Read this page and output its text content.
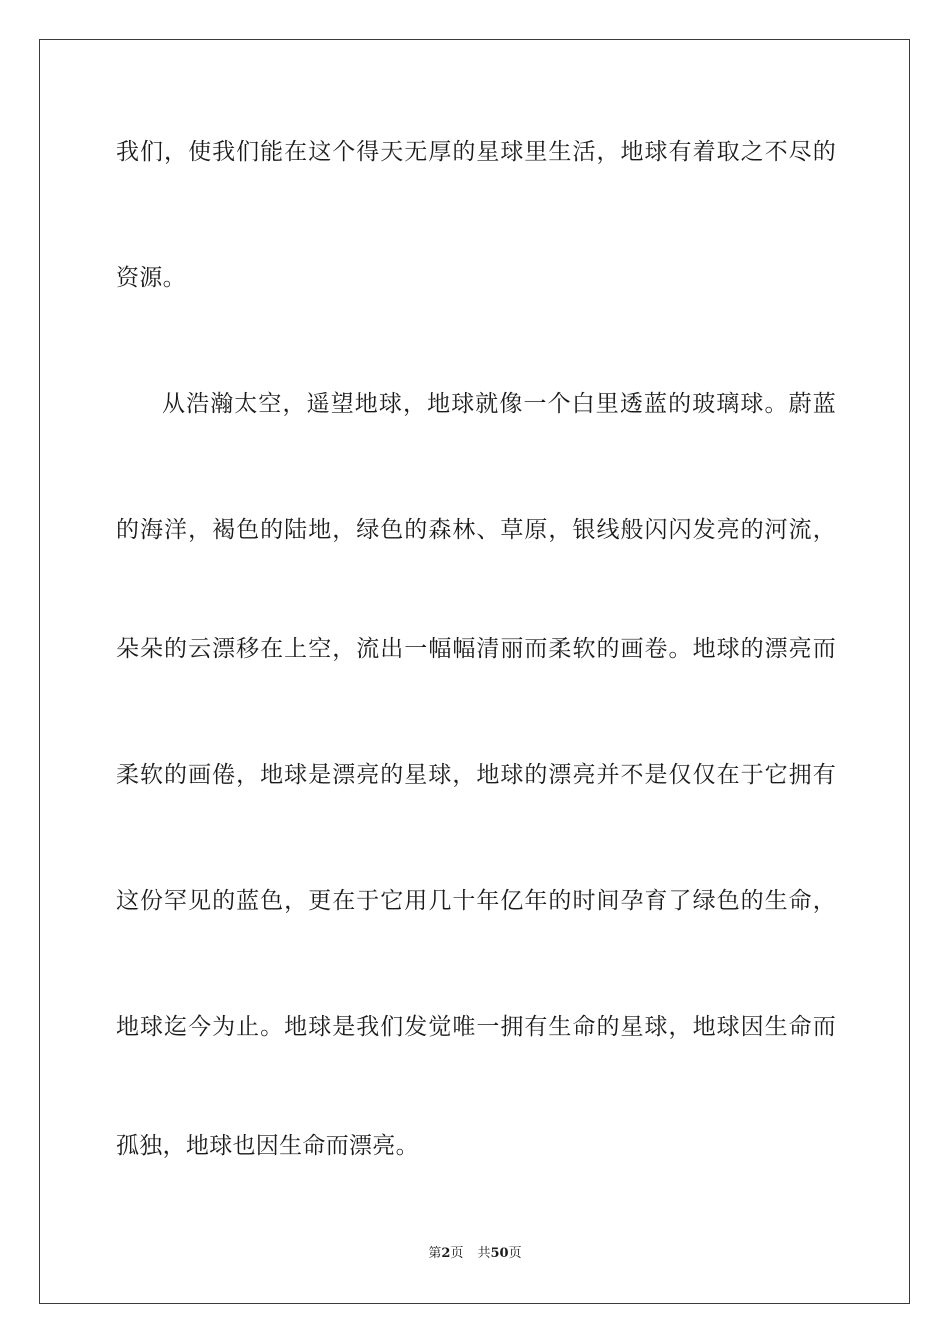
我们，使我们能在这个得天无厚的星球里生活，地球有着取之不尽的
资源。
从浩瀚太空，遥望地球，地球就像一个白里透蓝的玻璃球。蔚蓝
的海洋，褐色的陆地，绿色的森林、草原，银线般闪闪发亮的河流，
朵朵的云漂移在上空，流出一幅幅清丽而柔软的画卷。地球的漂亮而
柔软的画倦，地球是漂亮的星球，地球的漂亮并不是仅仅在于它拥有
这份罕见的蓝色，更在于它用几十年亿年的时间孕育了绿色的生命，
地球迄今为止。地球是我们发觉唯一拥有生命的星球，地球因生命而
孤独，地球也因生命而漂亮。
第2页 共50页
